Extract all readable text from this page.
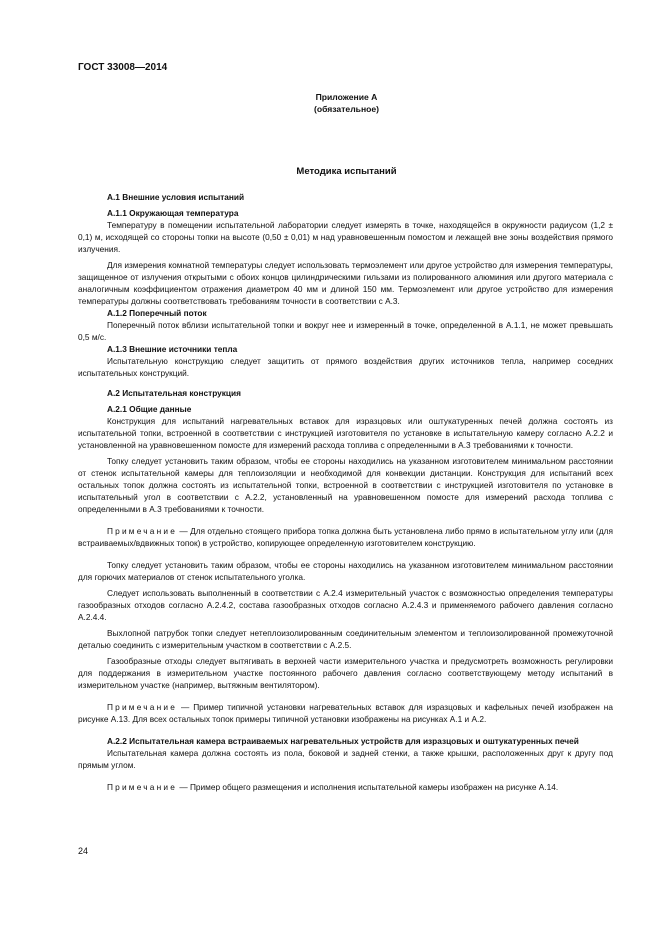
ГОСТ 33008—2014
Приложение А
(обязательное)
Методика испытаний

А.1 Внешние условия испытаний

А.1.1 Окружающая температура

Температуру в помещении испытательной лаборатории следует измерять в точке, находящейся в окружности радиусом (1,2 ± 0,1) м, исходящей со стороны топки на высоте (0,50 ± 0,01) м над уравновешенным помостом и лежащей вне зоны воздействия прямого излучения.

Для измерения комнатной температуры следует использовать термоэлемент или другое устройство для измерения температуры, защищенное от излучения открытыми с обоих концов цилиндрическими гильзами из полированного алюминия или другого материала с аналогичным коэффициентом отражения диаметром 40 мм и длиной 150 мм. Термоэлемент или другое устройство для измерения температуры должны соответствовать требованиям точности в соответствии с А.3.

А.1.2 Поперечный поток

Поперечный поток вблизи испытательной топки и вокруг нее и измеренный в точке, определенной в А.1.1, не может превышать 0,5 м/с.

А.1.3 Внешние источники тепла

Испытательную конструкцию следует защитить от прямого воздействия других источников тепла, например соседних испытательных конструкций.

А.2 Испытательная конструкция

А.2.1 Общие данные

Конструкция для испытаний нагревательных вставок для изразцовых или оштукатуренных печей должна состоять из испытательной топки, встроенной в соответствии с инструкцией изготовителя по установке в испытательную камеру согласно А.2.2 и установленной на уравновешенном помосте для измерений расхода топлива с определенными в А.3 требованиями к точности.

Топку следует установить таким образом, чтобы ее стороны находились на указанном изготовителем минимальном расстоянии от стенок испытательной камеры для теплоизоляции и необходимой для конвекции дистанции. Конструкция для испытаний всех остальных топок должна состоять из испытательной топки, встроенной в соответствии с инструкцией изготовителя по установке в испытательный угол в соответствии с А.2.2, установленный на уравновешенном помосте для измерений расхода топлива с определенными в А.3 требованиями к точности.

Примечание — Для отдельно стоящего прибора топка должна быть установлена либо прямо в испытательном углу или (для встраиваемых/вдвижных топок) в устройство, копирующее определенную изготовителем конструкцию.

Топку следует установить таким образом, чтобы ее стороны находились на указанном изготовителем минимальном расстоянии для горючих материалов от стенок испытательного уголка.

Следует использовать выполненный в соответствии с А.2.4 измерительный участок с возможностью определения температуры газообразных отходов согласно А.2.4.2, состава газообразных отходов согласно А.2.4.3 и применяемого рабочего давления согласно А.2.4.4.

Выхлопной патрубок топки следует нетеплоизолированным соединительным элементом и теплоизолированной промежуточной деталью соединить с измерительным участком в соответствии с А.2.5.

Газообразные отходы следует вытягивать в верхней части измерительного участка и предусмотреть возможность регулировки для поддержания в измерительном участке постоянного рабочего давления согласно соответствующему методу испытаний в измерительном участке (например, вытяжным вентилятором).

Примечание — Пример типичной установки нагревательных вставок для изразцовых и кафельных печей изображен на рисунке А.13. Для всех остальных топок примеры типичной установки изображены на рисунках А.1 и А.2.

А.2.2 Испытательная камера встраиваемых нагревательных устройств для изразцовых и оштукатуренных печей

Испытательная камера должна состоять из пола, боковой и задней стенки, а также крышки, расположенных друг к другу под прямым углом.

Примечание — Пример общего размещения и исполнения испытательной камеры изображен на рисунке А.14.

24
